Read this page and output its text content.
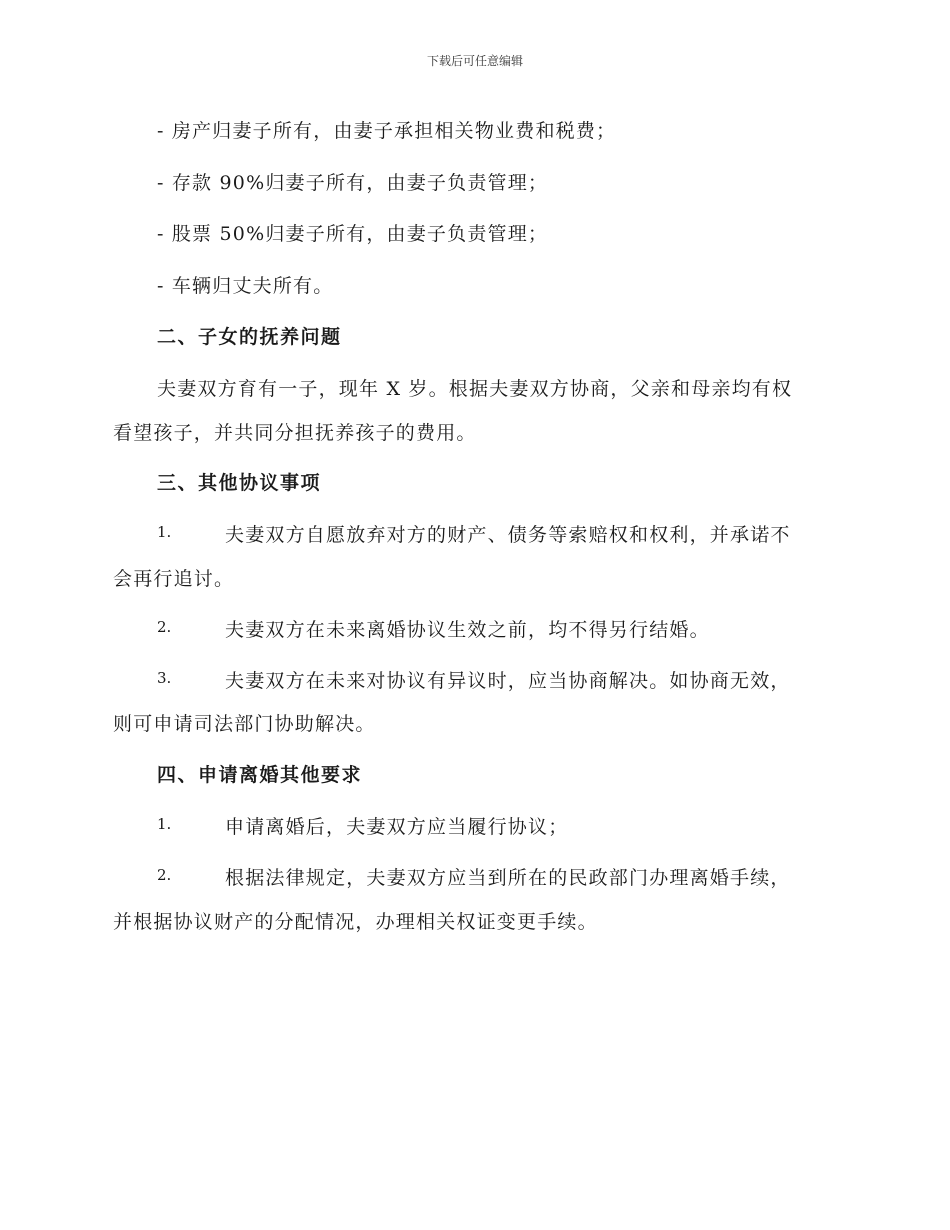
下载后可任意编辑
- 房产归妻子所有，由妻子承担相关物业费和税费；
- 存款 90%归妻子所有，由妻子负责管理；
- 股票 50%归妻子所有，由妻子负责管理；
- 车辆归丈夫所有。
二、子女的抚养问题
夫妻双方育有一子，现年 X 岁。根据夫妻双方协商，父亲和母亲均有权
看望孩子，并共同分担抚养孩子的费用。
三、其他协议事项
1.	夫妻双方自愿放弃对方的财产、债务等索赔权和权利，并承诺不
会再行追讨。
2.	夫妻双方在未来离婚协议生效之前，均不得另行结婚。
3.	夫妻双方在未来对协议有异议时，应当协商解决。如协商无效，
则可申请司法部门协助解决。
四、申请离婚其他要求
1.	申请离婚后，夫妻双方应当履行协议；
2.	根据法律规定，夫妻双方应当到所在的民政部门办理离婚手续，
并根据协议财产的分配情况，办理相关权证变更手续。
